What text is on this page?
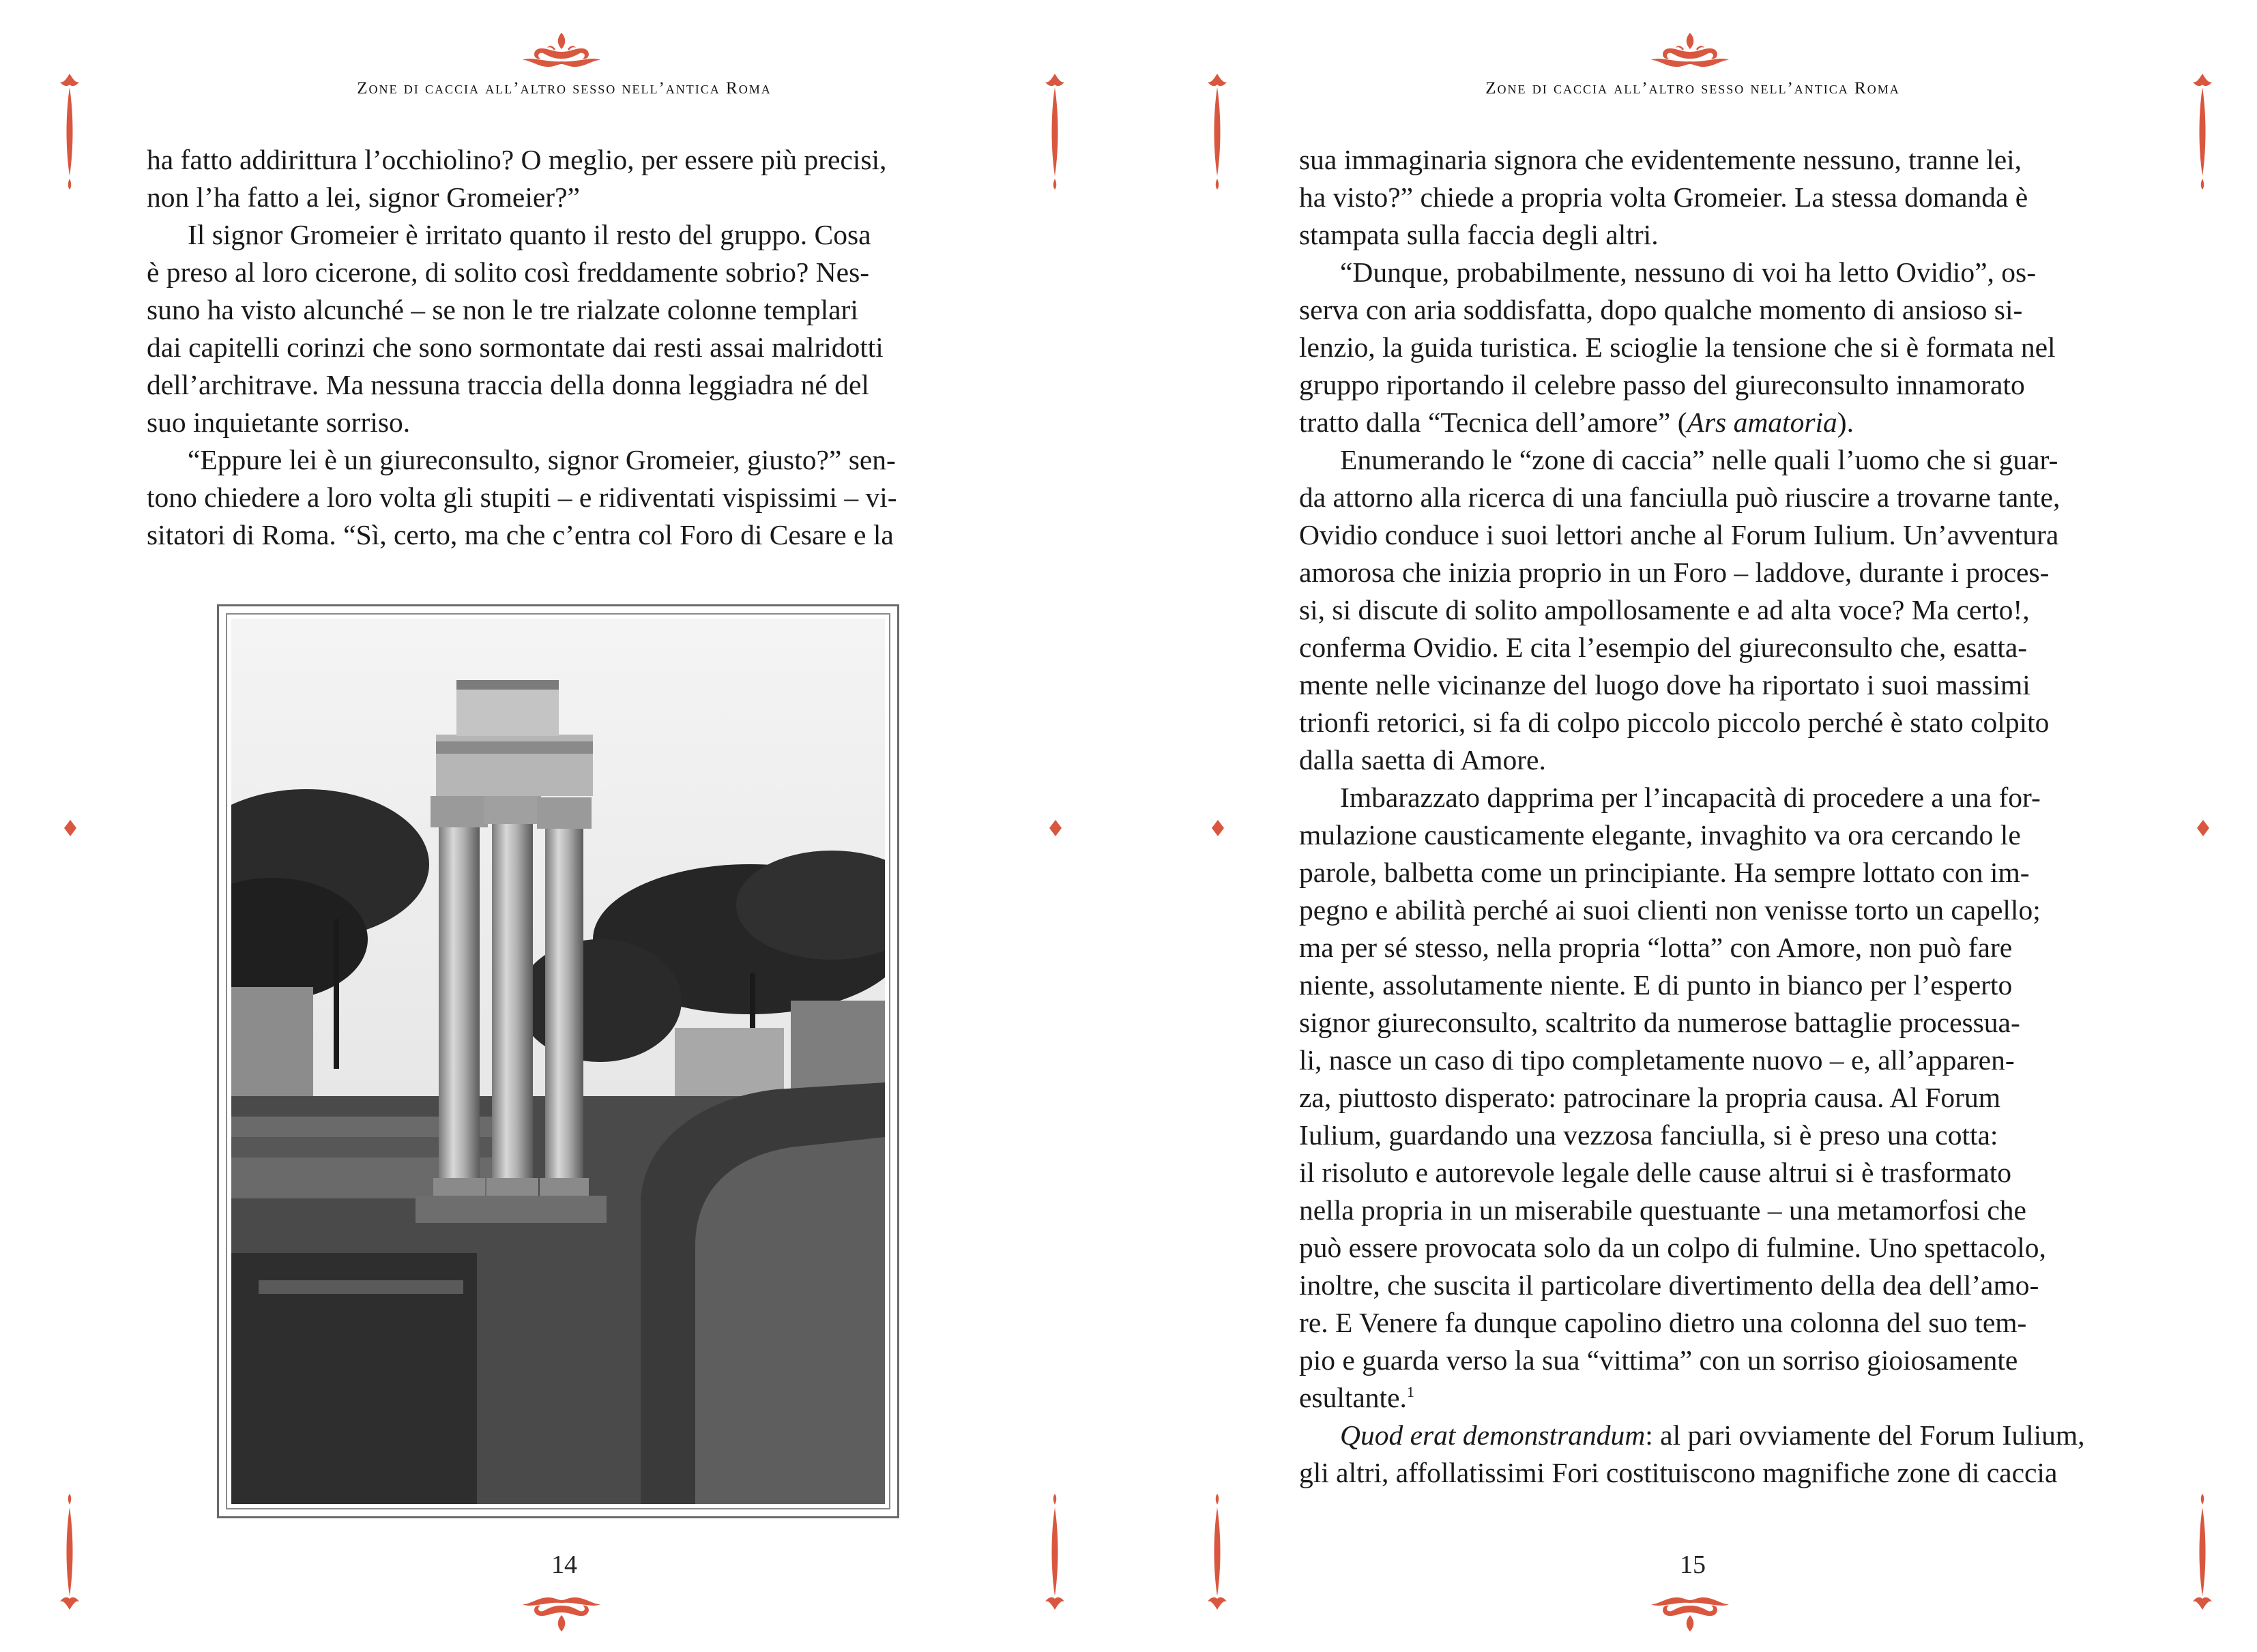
Zone di caccia all’altro sesso nell’antica Roma

ha fatto addirittura l’occhiolino? O meglio, per essere più precisi,

non l’ha fatto a lei, signor Gromeier?”

Il signor Gromeier è irritato quanto il resto del gruppo. Cosa

è preso al loro cicerone, di solito così freddamente sobrio? Nes-

suno ha visto alcunché – se non le tre rialzate colonne templari

dai capitelli corinzi che sono sormontate dai resti assai malridotti

dell’architrave. Ma nessuna traccia della donna leggiadra né del

suo inquietante sorriso.

“Eppure lei è un giureconsulto, signor Gromeier, giusto?” sen-

tono chiedere a loro volta gli stupiti – e ridiventati vispissimi – vi-

sitatori di Roma. “Sì, certo, ma che c’entra col Foro di Cesare e la

14
Zone di caccia all’altro sesso nell’antica Roma

sua immaginaria signora che evidentemente nessuno, tranne lei,

ha visto?” chiede a propria volta Gromeier. La stessa domanda è

stampata sulla faccia degli altri.

“Dunque, probabilmente, nessuno di voi ha letto Ovidio”, os-

serva con aria soddisfatta, dopo qualche momento di ansioso si-

lenzio, la guida turistica. E scioglie la tensione che si è formata nel

gruppo riportando il celebre passo del giureconsulto innamorato

tratto dalla “Tecnica dell’amore” (Ars amatoria).

Enumerando le “zone di caccia” nelle quali l’uomo che si guar-

da attorno alla ricerca di una fanciulla può riuscire a trovarne tante,

Ovidio conduce i suoi lettori anche al Forum Iulium. Un’avventura

amorosa che inizia proprio in un Foro – laddove, durante i proces-

si, si discute di solito ampollosamente e ad alta voce? Ma certo!,

conferma Ovidio. E cita l’esempio del giureconsulto che, esatta-

mente nelle vicinanze del luogo dove ha riportato i suoi massimi

trionfi retorici, si fa di colpo piccolo piccolo perché è stato colpito

dalla saetta di Amore.

Imbarazzato dapprima per l’incapacità di procedere a una for-

mulazione causticamente elegante, invaghito va ora cercando le

parole, balbetta come un principiante. Ha sempre lottato con im-

pegno e abilità perché ai suoi clienti non venisse torto un capello;

ma per sé stesso, nella propria “lotta” con Amore, non può fare

niente, assolutamente niente. E di punto in bianco per l’esperto

signor giureconsulto, scaltrito da numerose battaglie processua-

li, nasce un caso di tipo completamente nuovo – e, all’apparen-

za, piuttosto disperato: patrocinare la propria causa. Al Forum

Iulium, guardando una vezzosa fanciulla, si è preso una cotta:

il risoluto e autorevole legale delle cause altrui si è trasformato

nella propria in un miserabile questuante – una metamorfosi che

può essere provocata solo da un colpo di fulmine. Uno spettacolo,

inoltre, che suscita il particolare divertimento della dea dell’amo-

re. E Venere fa dunque capolino dietro una colonna del suo tem-

pio e guarda verso la sua “vittima” con un sorriso gioiosamente

esultante.$^1$

Quod erat demonstrandum: al pari ovviamente del Forum Iulium,

gli altri, affollatissimi Fori costituiscono magnifiche zone di caccia

15
